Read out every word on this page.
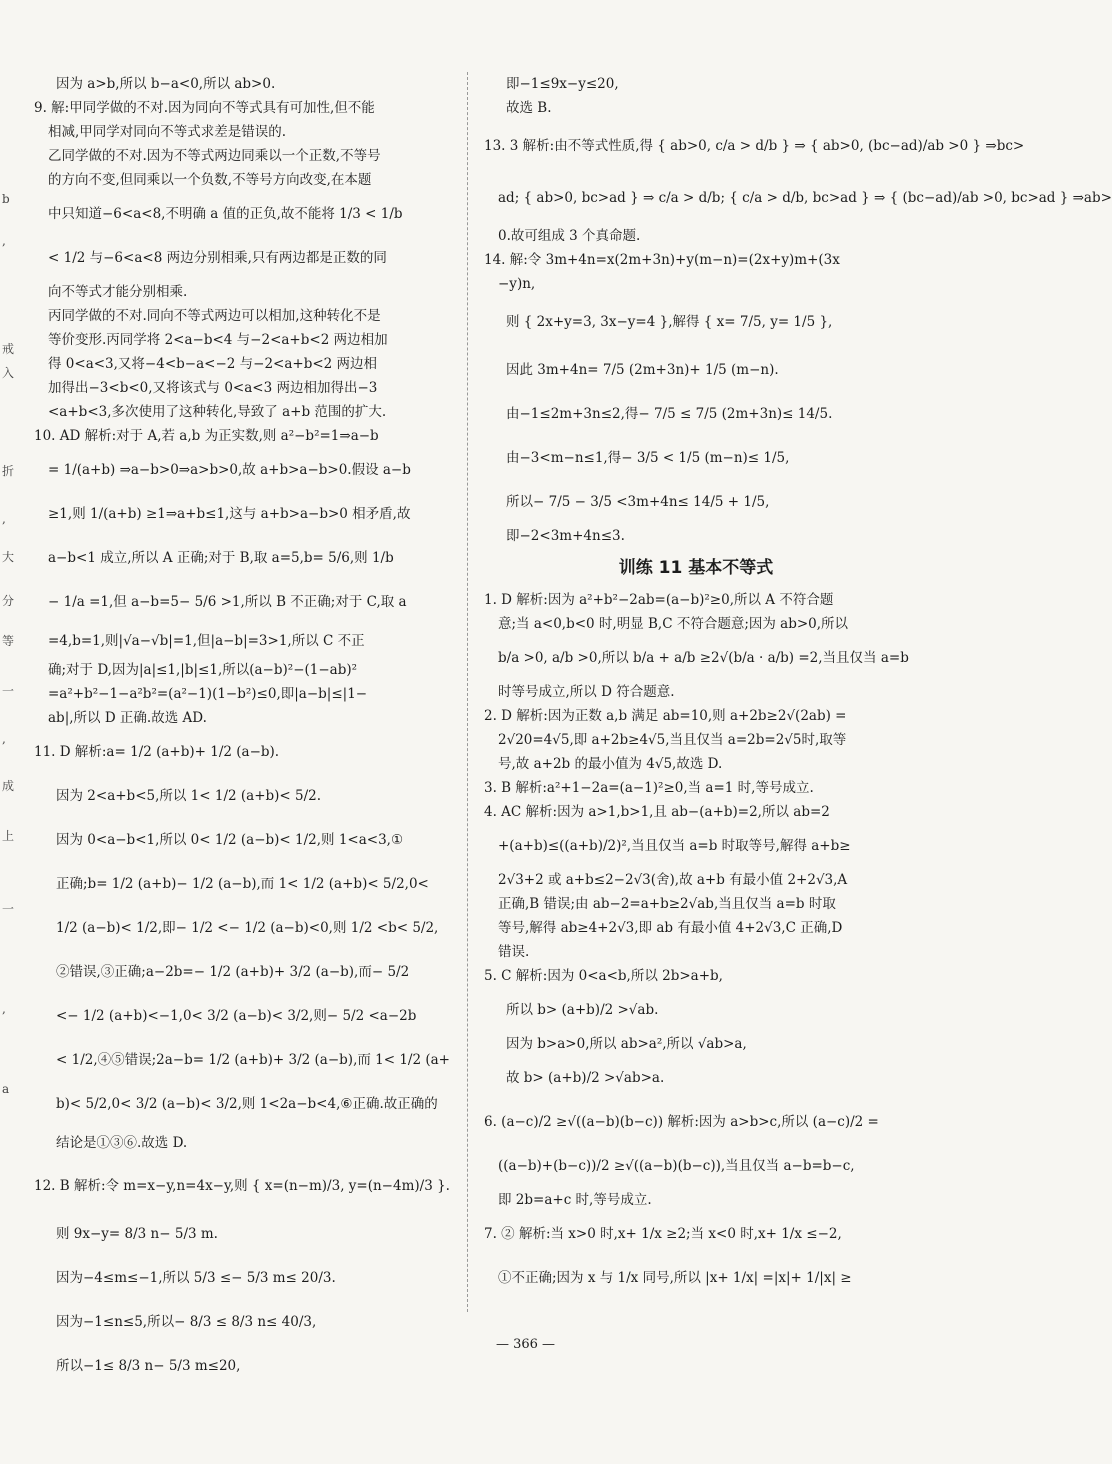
b
,
戒
入
折
,
大
分
等
一
,
成
上
一
,
a
因为 a>b,所以 b−a<0,所以 ab>0.
9. 解:甲同学做的不对.因为同向不等式具有可加性,但不能
相减,甲同学对同向不等式求差是错误的.
乙同学做的不对.因为不等式两边同乘以一个正数,不等号
的方向不变,但同乘以一个负数,不等号方向改变,在本题
中只知道−6<a<8,不明确 a 值的正负,故不能将 1/3 < 1/b
< 1/2 与−6<a<8 两边分别相乘,只有两边都是正数的同
向不等式才能分别相乘.
丙同学做的不对.同向不等式两边可以相加,这种转化不是
等价变形.丙同学将 2<a−b<4 与−2<a+b<2 两边相加
得 0<a<3,又将−4<b−a<−2 与−2<a+b<2 两边相
加得出−3<b<0,又将该式与 0<a<3 两边相加得出−3
<a+b<3,多次使用了这种转化,导致了 a+b 范围的扩大.
10. AD 解析:对于 A,若 a,b 为正实数,则 a²−b²=1⇒a−b
= 1/(a+b) ⇒a−b>0⇒a>b>0,故 a+b>a−b>0.假设 a−b
≥1,则 1/(a+b) ≥1⇒a+b≤1,这与 a+b>a−b>0 相矛盾,故
a−b<1 成立,所以 A 正确;对于 B,取 a=5,b= 5/6,则 1/b
− 1/a =1,但 a−b=5− 5/6 >1,所以 B 不正确;对于 C,取 a
=4,b=1,则|√a−√b|=1,但|a−b|=3>1,所以 C 不正
确;对于 D,因为|a|≤1,|b|≤1,所以(a−b)²−(1−ab)²
=a²+b²−1−a²b²=(a²−1)(1−b²)≤0,即|a−b|≤|1−
ab|,所以 D 正确.故选 AD.
11. D 解析:a= 1/2 (a+b)+ 1/2 (a−b).
因为 2<a+b<5,所以 1< 1/2 (a+b)< 5/2.
因为 0<a−b<1,所以 0< 1/2 (a−b)< 1/2,则 1<a<3,①
正确;b= 1/2 (a+b)− 1/2 (a−b),而 1< 1/2 (a+b)< 5/2,0<
1/2 (a−b)< 1/2,即− 1/2 <− 1/2 (a−b)<0,则 1/2 <b< 5/2,
②错误,③正确;a−2b=− 1/2 (a+b)+ 3/2 (a−b),而− 5/2
<− 1/2 (a+b)<−1,0< 3/2 (a−b)< 3/2,则− 5/2 <a−2b
< 1/2,④⑤错误;2a−b= 1/2 (a+b)+ 3/2 (a−b),而 1< 1/2 (a+
b)< 5/2,0< 3/2 (a−b)< 3/2,则 1<2a−b<4,⑥正确.故正确的
结论是①③⑥.故选 D.
12. B 解析:令 m=x−y,n=4x−y,则 { x=(n−m)/3, y=(n−4m)/3 }.
则 9x−y= 8/3 n− 5/3 m.
因为−4≤m≤−1,所以 5/3 ≤− 5/3 m≤ 20/3.
因为−1≤n≤5,所以− 8/3 ≤ 8/3 n≤ 40/3,
所以−1≤ 8/3 n− 5/3 m≤20,
即−1≤9x−y≤20,
故选 B.
13. 3 解析:由不等式性质,得 { ab>0, c/a > d/b } ⇒ { ab>0, (bc−ad)/ab >0 } ⇒bc>
ad; { ab>0, bc>ad } ⇒ c/a > d/b; { c/a > d/b, bc>ad } ⇒ { (bc−ad)/ab >0, bc>ad } ⇒ab>
0.故可组成 3 个真命题.
14. 解:令 3m+4n=x(2m+3n)+y(m−n)=(2x+y)m+(3x
−y)n,
则 { 2x+y=3, 3x−y=4 },解得 { x= 7/5, y= 1/5 },
因此 3m+4n= 7/5 (2m+3n)+ 1/5 (m−n).
由−1≤2m+3n≤2,得− 7/5 ≤ 7/5 (2m+3n)≤ 14/5.
由−3<m−n≤1,得− 3/5 < 1/5 (m−n)≤ 1/5,
所以− 7/5 − 3/5 <3m+4n≤ 14/5 + 1/5,
即−2<3m+4n≤3.
训练 11 基本不等式
1. D 解析:因为 a²+b²−2ab=(a−b)²≥0,所以 A 不符合题
意;当 a<0,b<0 时,明显 B,C 不符合题意;因为 ab>0,所以
b/a >0, a/b >0,所以 b/a + a/b ≥2√(b/a · a/b) =2,当且仅当 a=b
时等号成立,所以 D 符合题意.
2. D 解析:因为正数 a,b 满足 ab=10,则 a+2b≥2√(2ab) =
2√20=4√5,即 a+2b≥4√5,当且仅当 a=2b=2√5时,取等
号,故 a+2b 的最小值为 4√5,故选 D.
3. B 解析:a²+1−2a=(a−1)²≥0,当 a=1 时,等号成立.
4. AC 解析:因为 a>1,b>1,且 ab−(a+b)=2,所以 ab=2
+(a+b)≤((a+b)/2)²,当且仅当 a=b 时取等号,解得 a+b≥
2√3+2 或 a+b≤2−2√3(舍),故 a+b 有最小值 2+2√3,A
正确,B 错误;由 ab−2=a+b≥2√ab,当且仅当 a=b 时取
等号,解得 ab≥4+2√3,即 ab 有最小值 4+2√3,C 正确,D
错误.
5. C 解析:因为 0<a<b,所以 2b>a+b,
所以 b> (a+b)/2 >√ab.
因为 b>a>0,所以 ab>a²,所以 √ab>a,
故 b> (a+b)/2 >√ab>a.
6. (a−c)/2 ≥√((a−b)(b−c)) 解析:因为 a>b>c,所以 (a−c)/2 =
((a−b)+(b−c))/2 ≥√((a−b)(b−c)),当且仅当 a−b=b−c,
即 2b=a+c 时,等号成立.
7. ② 解析:当 x>0 时,x+ 1/x ≥2;当 x<0 时,x+ 1/x ≤−2,
①不正确;因为 x 与 1/x 同号,所以 |x+ 1/x| =|x|+ 1/|x| ≥
— 366 —
